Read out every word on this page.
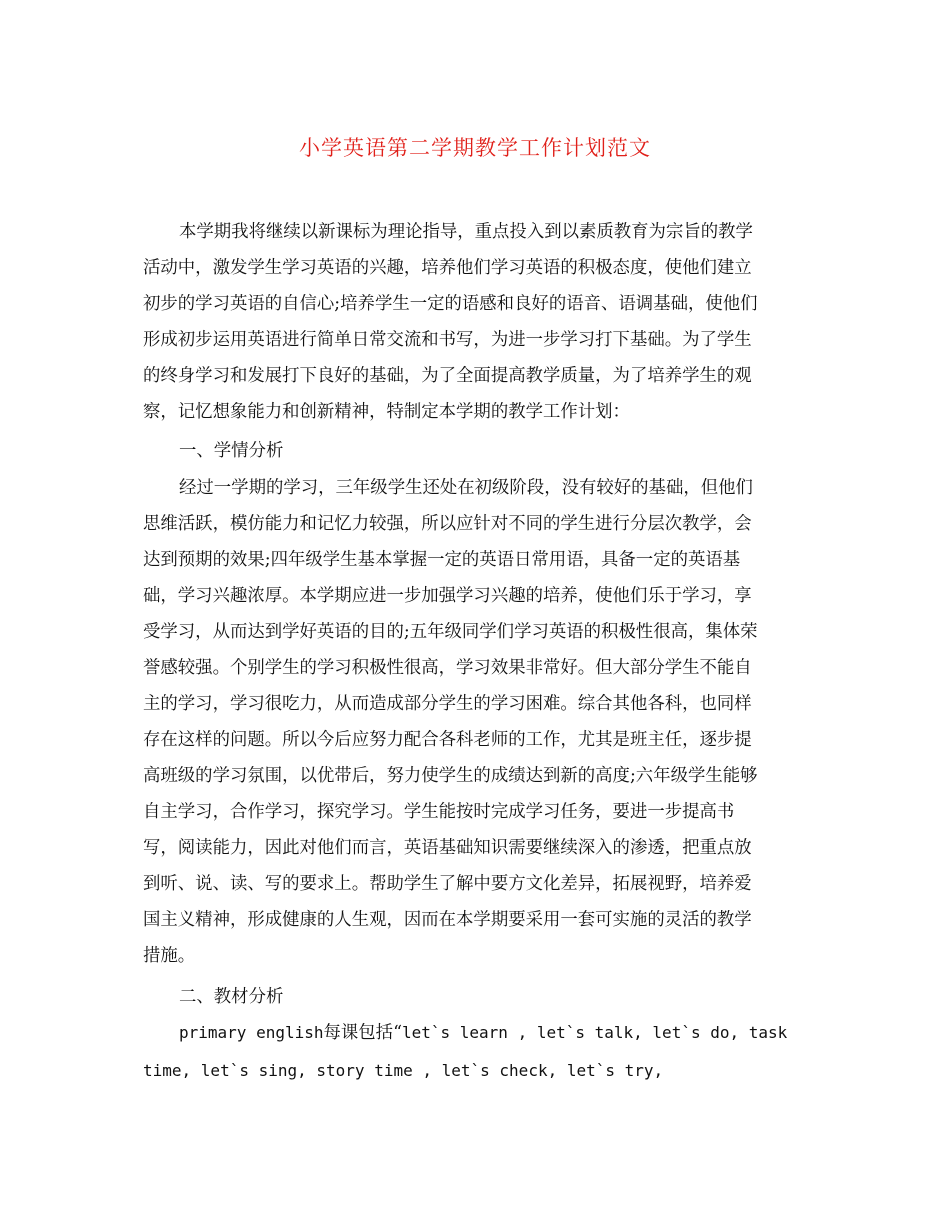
小学英语第二学期教学工作计划范文
本学期我将继续以新课标为理论指导，重点投入到以素质教育为宗旨的教学
活动中，激发学生学习英语的兴趣，培养他们学习英语的积极态度，使他们建立
初步的学习英语的自信心;培养学生一定的语感和良好的语音、语调基础，使他们
形成初步运用英语进行简单日常交流和书写，为进一步学习打下基础。为了学生
的终身学习和发展打下良好的基础，为了全面提高教学质量，为了培养学生的观
察，记忆想象能力和创新精神，特制定本学期的教学工作计划：
一、学情分析
经过一学期的学习，三年级学生还处在初级阶段，没有较好的基础，但他们
思维活跃，模仿能力和记忆力较强，所以应针对不同的学生进行分层次教学，会
达到预期的效果;四年级学生基本掌握一定的英语日常用语，具备一定的英语基
础，学习兴趣浓厚。本学期应进一步加强学习兴趣的培养，使他们乐于学习，享
受学习，从而达到学好英语的目的;五年级同学们学习英语的积极性很高，集体荣
誉感较强。个别学生的学习积极性很高，学习效果非常好。但大部分学生不能自
主的学习，学习很吃力，从而造成部分学生的学习困难。综合其他各科，也同样
存在这样的问题。所以今后应努力配合各科老师的工作，尤其是班主任，逐步提
高班级的学习氛围，以优带后，努力使学生的成绩达到新的高度;六年级学生能够
自主学习，合作学习，探究学习。学生能按时完成学习任务，要进一步提高书
写，阅读能力，因此对他们而言，英语基础知识需要继续深入的渗透，把重点放
到听、说、读、写的要求上。帮助学生了解中要方文化差异，拓展视野，培养爱
国主义精神，形成健康的人生观，因而在本学期要采用一套可实施的灵活的教学
措施。
二、教材分析
primary english每课包括“let`s learn , let`s talk, let`s do, task
time, let`s sing, story time , let`s check, let`s try,
